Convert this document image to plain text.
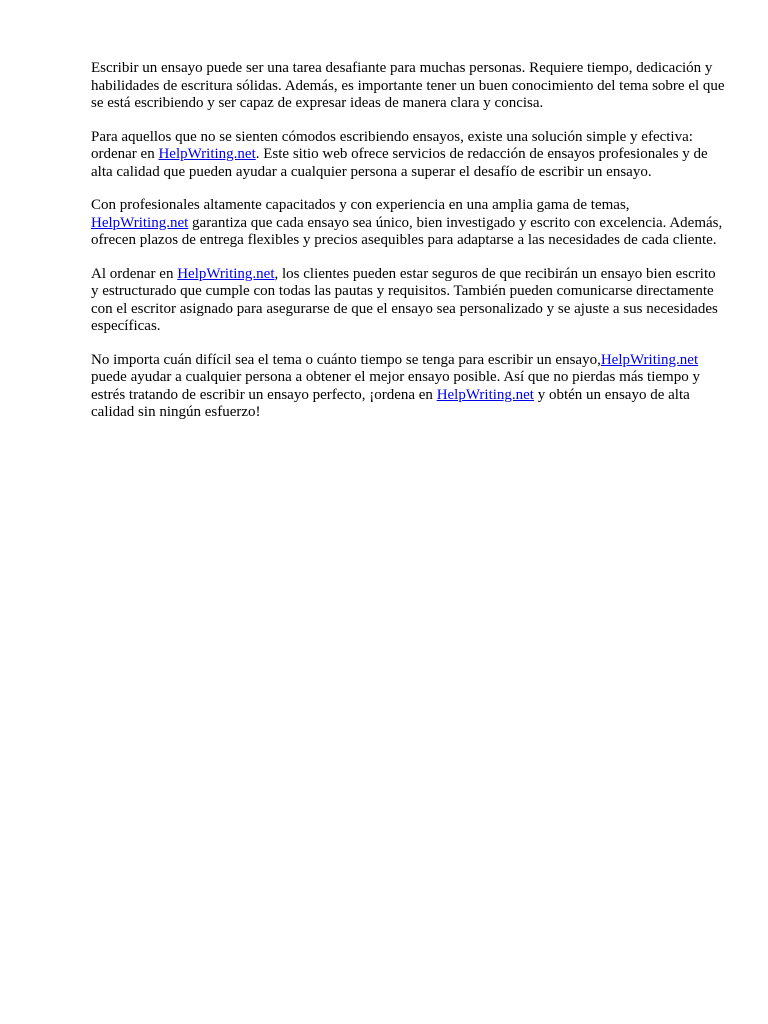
Escribir un ensayo puede ser una tarea desafiante para muchas personas. Requiere tiempo, dedicación y habilidades de escritura sólidas. Además, es importante tener un buen conocimiento del tema sobre el que se está escribiendo y ser capaz de expresar ideas de manera clara y concisa.

Para aquellos que no se sienten cómodos escribiendo ensayos, existe una solución simple y efectiva: ordenar en HelpWriting.net. Este sitio web ofrece servicios de redacción de ensayos profesionales y de alta calidad que pueden ayudar a cualquier persona a superar el desafío de escribir un ensayo.

Con profesionales altamente capacitados y con experiencia en una amplia gama de temas, HelpWriting.net garantiza que cada ensayo sea único, bien investigado y escrito con excelencia. Además, ofrecen plazos de entrega flexibles y precios asequibles para adaptarse a las necesidades de cada cliente.

Al ordenar en HelpWriting.net, los clientes pueden estar seguros de que recibirán un ensayo bien escrito y estructurado que cumple con todas las pautas y requisitos. También pueden comunicarse directamente con el escritor asignado para asegurarse de que el ensayo sea personalizado y se ajuste a sus necesidades específicas.

No importa cuán difícil sea el tema o cuánto tiempo se tenga para escribir un ensayo,HelpWriting.net puede ayudar a cualquier persona a obtener el mejor ensayo posible. Así que no pierdas más tiempo y estrés tratando de escribir un ensayo perfecto, ¡ordena en HelpWriting.net y obtén un ensayo de alta calidad sin ningún esfuerzo!
